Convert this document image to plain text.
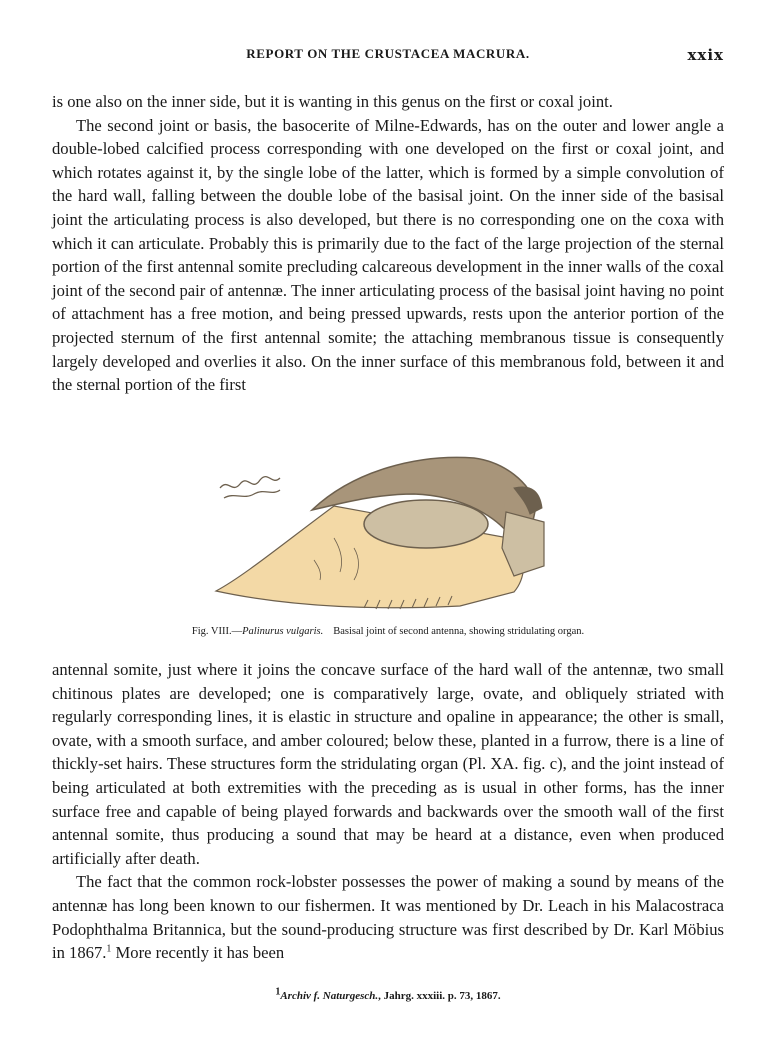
REPORT ON THE CRUSTACEA MACRURA.	xxix

is one also on the inner side, but it is wanting in this genus on the first or coxal joint.

The second joint or basis, the basocerite of Milne-Edwards, has on the outer and lower angle a double-lobed calcified process corresponding with one developed on the first or coxal joint, and which rotates against it, by the single lobe of the latter, which is formed by a simple convolution of the hard wall, falling between the double lobe of the basisal joint. On the inner side of the basisal joint the articulating process is also developed, but there is no corresponding one on the coxa with which it can articulate. Probably this is primarily due to the fact of the large projection of the sternal portion of the first antennal somite precluding calcareous development in the inner walls of the coxal joint of the second pair of antennæ. The inner articulating process of the basisal joint having no point of attachment has a free motion, and being pressed upwards, rests upon the anterior portion of the projected sternum of the first antennal somite; the attaching membranous tissue is consequently largely developed and overlies it also. On the inner surface of this membranous fold, between it and the sternal portion of the first

Fig. VIII.—Palinurus vulgaris. Basisal joint of second antenna, showing stridulating organ.

antennal somite, just where it joins the concave surface of the hard wall of the antennæ, two small chitinous plates are developed; one is comparatively large, ovate, and obliquely striated with regularly corresponding lines, it is elastic in structure and opaline in appearance; the other is small, ovate, with a smooth surface, and amber coloured; below these, planted in a furrow, there is a line of thickly-set hairs. These structures form the stridulating organ (Pl. XA. fig. c), and the joint instead of being articulated at both extremities with the preceding as is usual in other forms, has the inner surface free and capable of being played forwards and backwards over the smooth wall of the first antennal somite, thus producing a sound that may be heard at a distance, even when produced artificially after death.

The fact that the common rock-lobster possesses the power of making a sound by means of the antennæ has long been known to our fishermen. It was mentioned by Dr. Leach in his Malacostraca Podophthalma Britannica, but the sound-producing structure was first described by Dr. Karl Möbius in 1867.$^1$ More recently it has been

$^1$Archiv f. Naturgesch., Jahrg. xxxiii. p. 73, 1867.
